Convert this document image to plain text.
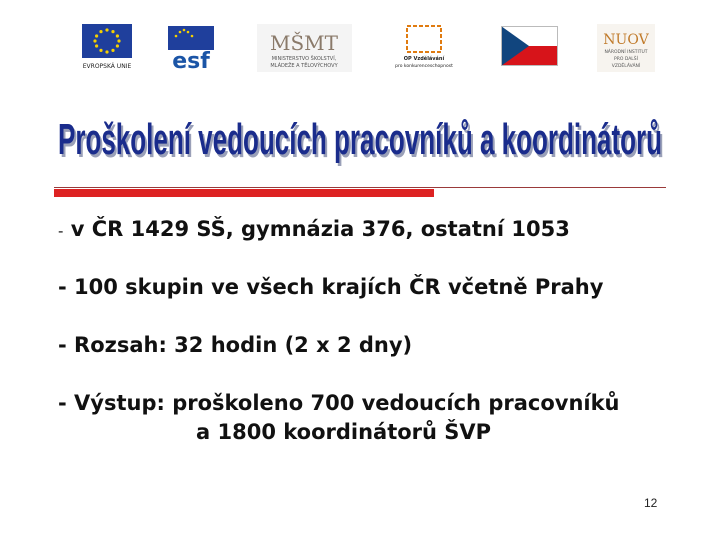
EVROPSKÁ UNIE esf
MŠMT
MINISTERSTVO ŠKOLSTVÍ,
MLÁDEŽE A TĚLOVÝCHOVY
OP Vzdělávání
pro konkurenceschopnost
NUOV
NÁRODNÍ INSTITUT
PRO DALŠÍ
VZDĚLÁVÁNÍ
Proškolení vedoucích pracovníků a koordinátorů
Proškolení vedoucích pracovníků a koordinátorů
- v ČR 1429 SŠ, gymnázia 376, ostatní 1053
- 100 skupin ve všech krajích ČR včetně Prahy
- Rozsah: 32 hodin (2 x 2 dny)
- Výstup: proškoleno 700 vedoucích pracovníků
a 1800 koordinátorů ŠVP
12
